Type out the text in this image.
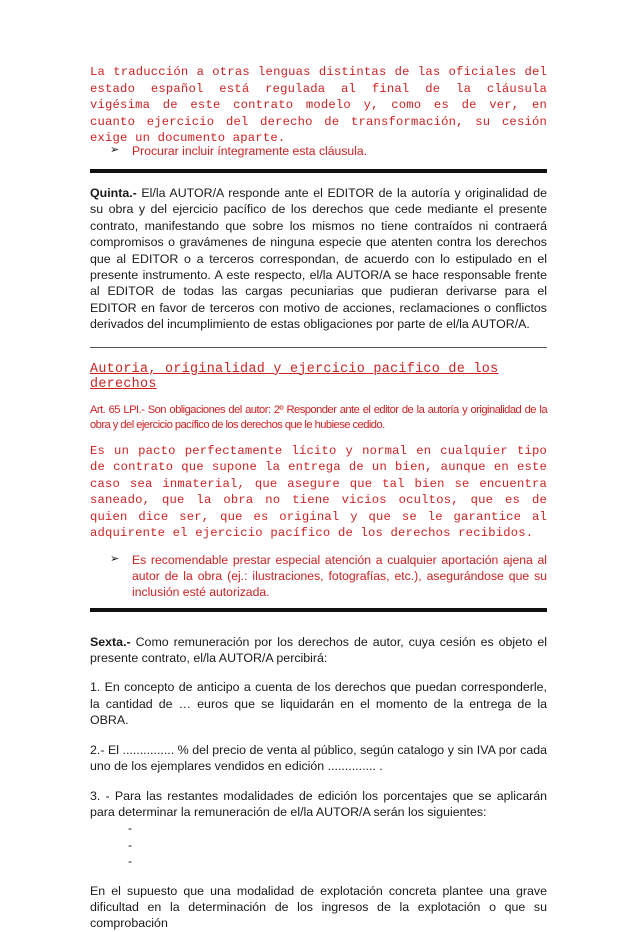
La traducción a otras lenguas distintas de las oficiales del estado español está regulada al final de la cláusula vigésima de este contrato modelo y, como es de ver, en cuanto ejercicio del derecho de transformación, su cesión exige un documento aparte.
➢	Procurar incluir íntegramente esta cláusula.
Quinta.- El/la AUTOR/A responde ante el EDITOR de la autoría y originalidad de su obra y del ejercicio pacífico de los derechos que cede mediante el presente contrato, manifestando que sobre los mismos no tiene contraídos ni contraerá compromisos o gravámenes de ninguna especie que atenten contra los derechos que al EDITOR o a terceros correspondan, de acuerdo con lo estipulado en el presente instrumento. A este respecto, el/la AUTOR/A se hace responsable frente al EDITOR de todas las cargas pecuniarias que pudieran derivarse para el EDITOR en favor de terceros con motivo de acciones, reclamaciones o conflictos derivados del incumplimiento de estas obligaciones por parte de el/la AUTOR/A.
Autoria, originalidad y ejercicio pacifico de los derechos
Art. 65 LPI.- Son obligaciones del autor: 2º Responder ante el editor de la autoría y originalidad de la obra y del ejercicio pacífico de los derechos que le hubiese cedido.
Es un pacto perfectamente lícito y normal en cualquier tipo de contrato que supone la entrega de un bien, aunque en este caso sea inmaterial, que asegure que tal bien se encuentra saneado, que la obra no tiene vicios ocultos, que es de quien dice ser, que es original y que se le garantice al adquirente el ejercicio pacífico de los derechos recibidos.
➢	Es recomendable prestar especial atención a cualquier aportación ajena al autor de la obra (ej.: ilustraciones, fotografías, etc.), asegurándose que su inclusión esté autorizada.
Sexta.- Como remuneración por los derechos de autor, cuya cesión es objeto el presente contrato, el/la AUTOR/A percibirá:
1. En concepto de anticipo a cuenta de los derechos que puedan corresponderle, la cantidad de … euros que se liquidarán en el momento de la entrega de la OBRA.
2.- El ............... % del precio de venta al público, según catalogo y sin IVA por cada uno de los ejemplares vendidos en edición .............. .
3. - Para las restantes modalidades de edición los porcentajes que se aplicarán para determinar la remuneración de el/la AUTOR/A serán los siguientes:
-
-
-
En el supuesto que una modalidad de explotación concreta plantee una grave dificultad en la determinación de los ingresos de la explotación o que su comprobación
